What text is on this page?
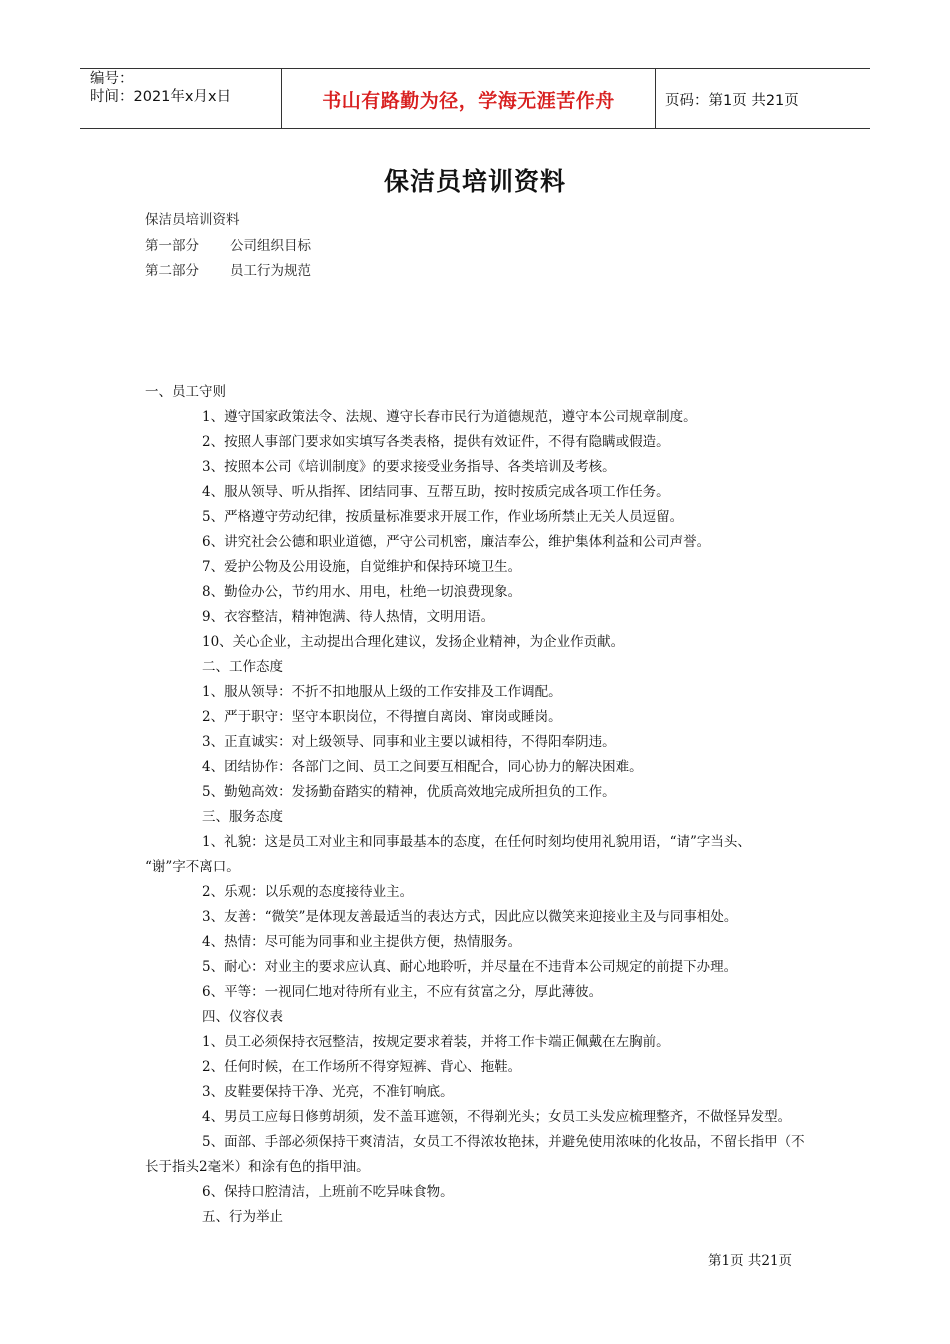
编号：
时间：2021年x月x日	书山有路勤为径，学海无涯苦作舟	页码：第1页 共21页
保洁员培训资料
保洁员培训资料
第一部分 公司组织目标
第二部分 员工行为规范
一、员工守则
1、遵守国家政策法令、法规、遵守长春市民行为道德规范，遵守本公司规章制度。
2、按照人事部门要求如实填写各类表格，提供有效证件，不得有隐瞒或假造。
3、按照本公司《培训制度》的要求接受业务指导、各类培训及考核。
4、服从领导、听从指挥、团结同事、互帮互助，按时按质完成各项工作任务。
5、严格遵守劳动纪律，按质量标准要求开展工作，作业场所禁止无关人员逗留。
6、讲究社会公德和职业道德，严守公司机密，廉洁奉公，维护集体利益和公司声誉。
7、爱护公物及公用设施，自觉维护和保持环境卫生。
8、勤俭办公，节约用水、用电，杜绝一切浪费现象。
9、衣容整洁，精神饱满、待人热情，文明用语。
10、关心企业，主动提出合理化建议，发扬企业精神，为企业作贡献。
二、工作态度
1、服从领导：不折不扣地服从上级的工作安排及工作调配。
2、严于职守：坚守本职岗位，不得擅自离岗、窜岗或睡岗。
3、正直诚实：对上级领导、同事和业主要以诚相待，不得阳奉阴违。
4、团结协作：各部门之间、员工之间要互相配合，同心协力的解决困难。
5、勤勉高效：发扬勤奋踏实的精神，优质高效地完成所担负的工作。
三、服务态度
1、礼貌：这是员工对业主和同事最基本的态度，在任何时刻均使用礼貌用语，“请”字当头、
“谢”字不离口。
2、乐观：以乐观的态度接待业主。
3、友善：“微笑”是体现友善最适当的表达方式，因此应以微笑来迎接业主及与同事相处。
4、热情：尽可能为同事和业主提供方便，热情服务。
5、耐心：对业主的要求应认真、耐心地聆听，并尽量在不违背本公司规定的前提下办理。
6、平等：一视同仁地对待所有业主，不应有贫富之分，厚此薄彼。
四、仪容仪表
1、员工必须保持衣冠整洁，按规定要求着装，并将工作卡端正佩戴在左胸前。
2、任何时候，在工作场所不得穿短裤、背心、拖鞋。
3、皮鞋要保持干净、光亮，不准钉响底。
4、男员工应每日修剪胡须，发不盖耳遮领，不得剃光头；女员工头发应梳理整齐，不做怪异发型。
5、面部、手部必须保持干爽清洁，女员工不得浓妆艳抹，并避免使用浓味的化妆品，不留长指甲（不
长于指头2毫米）和涂有色的指甲油。
6、保持口腔清洁，上班前不吃异味食物。
五、行为举止
第1页 共21页
